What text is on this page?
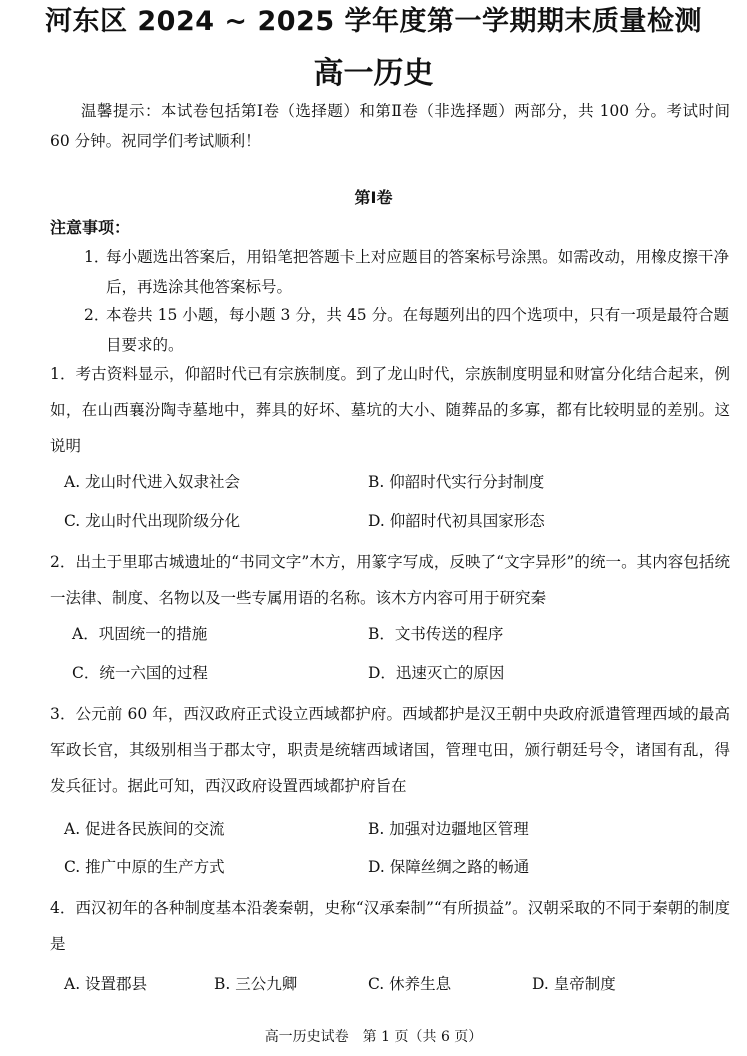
河东区 2024 ~ 2025 学年度第一学期期末质量检测
高一历史
温馨提示：本试卷包括第Ⅰ卷（选择题）和第Ⅱ卷（非选择题）两部分，共 100 分。考试时间 60 分钟。祝同学们考试顺利！
第Ⅰ卷
注意事项：
1．
每小题选出答案后，用铅笔把答题卡上对应题目的答案标号涂黑。如需改动，用橡皮擦干净后，再选涂其他答案标号。
2．
本卷共 15 小题，每小题 3 分，共 45 分。在每题列出的四个选项中，只有一项是最符合题目要求的。
1．考古资料显示，仰韶时代已有宗族制度。到了龙山时代，宗族制度明显和财富分化结合起来，例如，在山西襄汾陶寺墓地中，葬具的好坏、墓坑的大小、随葬品的多寡，都有比较明显的差别。这说明
A. 龙山时代进入奴隶社会	B. 仰韶时代实行分封制度
C. 龙山时代出现阶级分化	D. 仰韶时代初具国家形态
2．出土于里耶古城遗址的“书同文字”木方，用篆字写成，反映了“文字异形”的统一。其内容包括统一法律、制度、名物以及一些专属用语的名称。该木方内容可用于研究秦
A．巩固统一的措施	B．文书传送的程序
C．统一六国的过程	D．迅速灭亡的原因
3．公元前 60 年，西汉政府正式设立西域都护府。西域都护是汉王朝中央政府派遣管理西域的最高军政长官，其级别相当于郡太守，职责是统辖西域诸国，管理屯田，颁行朝廷号令，诸国有乱，得发兵征讨。据此可知，西汉政府设置西域都护府旨在
A. 促进各民族间的交流	B. 加强对边疆地区管理
C. 推广中原的生产方式	D. 保障丝绸之路的畅通
4．西汉初年的各种制度基本沿袭秦朝，史称“汉承秦制”“有所损益”。汉朝采取的不同于秦朝的制度是
A. 设置郡县	B. 三公九卿	C. 休养生息	D. 皇帝制度
高一历史试卷　第 1 页（共 6 页）
